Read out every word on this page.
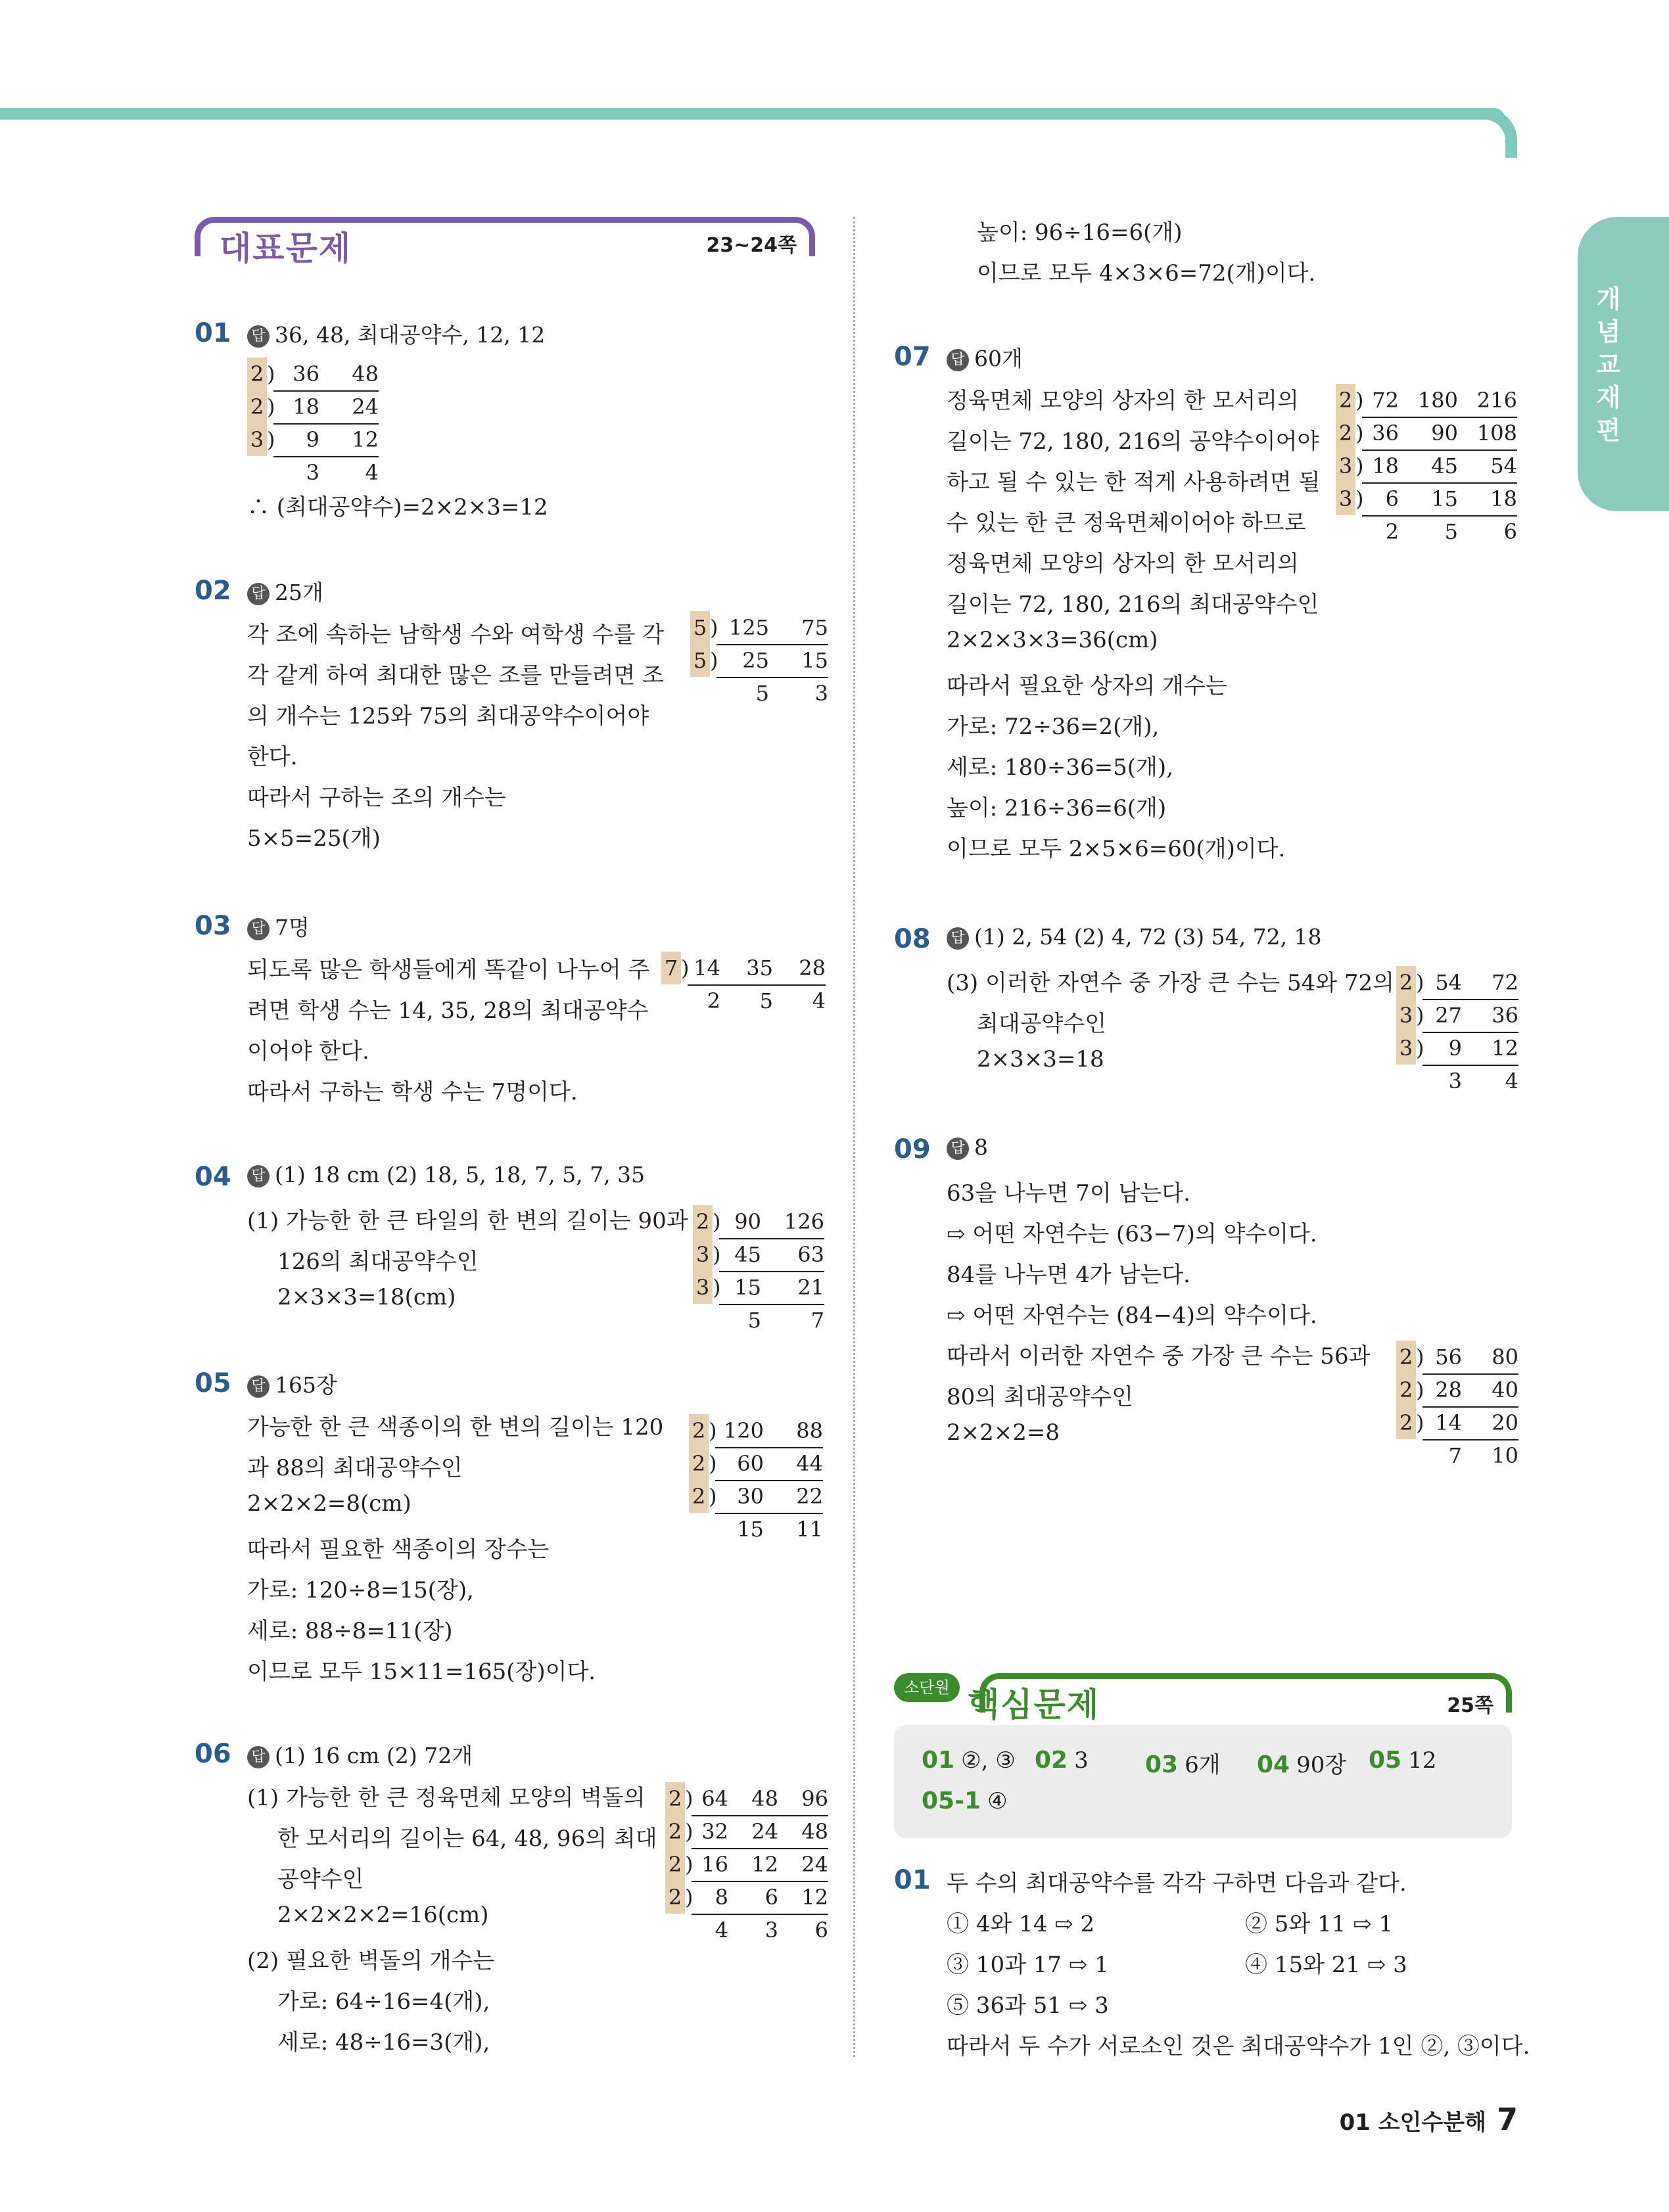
개념교재편
대표문제	23~24쪽
01 답 36, 48, 최대공약수, 12, 12
2 ) 36 48
2 ) 18 24
3 ) 9 12
3 4
∴ (최대공약수)=2×2×3=12
02 답 25개
각 조에 속하는 남학생 수와 여학생 수를 각
각 같게 하여 최대한 많은 조를 만들려면 조
의 개수는 125와 75의 최대공약수이어야
한다.
따라서 구하는 조의 개수는
5×5=25(개)
5 ) 125 75
5 ) 25 15
5 3
03 답 7명
되도록 많은 학생들에게 똑같이 나누어 주
려면 학생 수는 14, 35, 28의 최대공약수
이어야 한다.
따라서 구하는 학생 수는 7명이다.
7 ) 14 35 28
2 5 4
04 답 (1) 18 cm (2) 18, 5, 18, 7, 5, 7, 35
(1) 가능한 한 큰 타일의 한 변의 길이는 90과
126의 최대공약수인
2×3×3=18(cm)
2 ) 90 126
3 ) 45 63
3 ) 15 21
5 7
05 답 165장
가능한 한 큰 색종이의 한 변의 길이는 120
과 88의 최대공약수인
2×2×2=8(cm)
따라서 필요한 색종이의 장수는
가로: 120÷8=15(장),
세로: 88÷8=11(장)
이므로 모두 15×11=165(장)이다.
2 ) 120 88
2 ) 60 44
2 ) 30 22
15 11
06 답 (1) 16 cm (2) 72개
(1) 가능한 한 큰 정육면체 모양의 벽돌의
한 모서리의 길이는 64, 48, 96의 최대
공약수인
2×2×2×2=16(cm)
(2) 필요한 벽돌의 개수는
가로: 64÷16=4(개),
세로: 48÷16=3(개),
2 ) 64 48 96
2 ) 32 24 48
2 ) 16 12 24
2 ) 8 6 12
4 3 6
높이: 96÷16=6(개)
이므로 모두 4×3×6=72(개)이다.
07 답 60개
정육면체 모양의 상자의 한 모서리의
길이는 72, 180, 216의 공약수이어야
하고 될 수 있는 한 적게 사용하려면 될
수 있는 한 큰 정육면체이어야 하므로
정육면체 모양의 상자의 한 모서리의
길이는 72, 180, 216의 최대공약수인
2×2×3×3=36(cm)
따라서 필요한 상자의 개수는
가로: 72÷36=2(개),
세로: 180÷36=5(개),
높이: 216÷36=6(개)
이므로 모두 2×5×6=60(개)이다.
2 ) 72 180 216
2 ) 36 90 108
3 ) 18 45 54
3 ) 6 15 18
2 5 6
08 답 (1) 2, 54 (2) 4, 72 (3) 54, 72, 18
(3) 이러한 자연수 중 가장 큰 수는 54와 72의
최대공약수인
2×3×3=18
2 ) 54 72
3 ) 27 36
3 ) 9 12
3 4
09 답 8
63을 나누면 7이 남는다.
⇨ 어떤 자연수는 (63−7)의 약수이다.
84를 나누면 4가 남는다.
⇨ 어떤 자연수는 (84−4)의 약수이다.
따라서 이러한 자연수 중 가장 큰 수는 56과
80의 최대공약수인
2×2×2=8
2 ) 56 80
2 ) 28 40
2 ) 14 20
7 10
소단원 핵심문제	25쪽
01 ②, ③ 02 3 03 6개 04 90장 05 12
05-1 ④
01 두 수의 최대공약수를 각각 구하면 다음과 같다.
① 4와 14 ⇨ 2	② 5와 11 ⇨ 1
③ 10과 17 ⇨ 1	④ 15와 21 ⇨ 3
⑤ 36과 51 ⇨ 3
따라서 두 수가 서로소인 것은 최대공약수가 1인 ②, ③이다.
01 소인수분해 7
